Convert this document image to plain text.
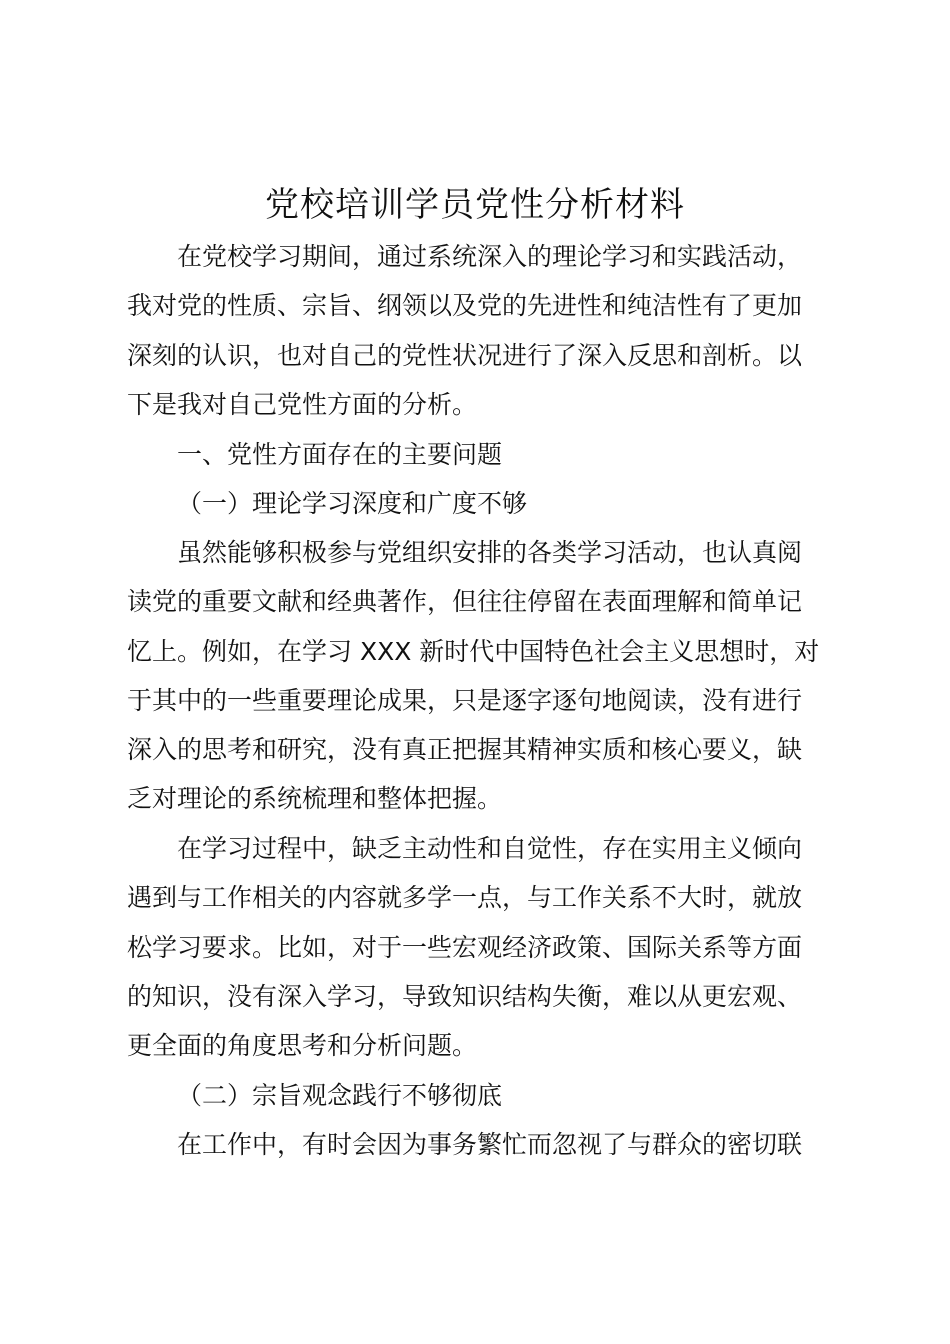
党校培训学员党性分析材料
在党校学习期间，通过系统深入的理论学习和实践活动，
我对党的性质、宗旨、纲领以及党的先进性和纯洁性有了更加
深刻的认识，也对自己的党性状况进行了深入反思和剖析。以
下是我对自己党性方面的分析。
一、党性方面存在的主要问题
（一）理论学习深度和广度不够
虽然能够积极参与党组织安排的各类学习活动，也认真阅
读党的重要文献和经典著作，但往往停留在表面理解和简单记
忆上。例如，在学习 XXX 新时代中国特色社会主义思想时，对
于其中的一些重要理论成果，只是逐字逐句地阅读，没有进行
深入的思考和研究，没有真正把握其精神实质和核心要义，缺
乏对理论的系统梳理和整体把握。
在学习过程中，缺乏主动性和自觉性，存在实用主义倾向
遇到与工作相关的内容就多学一点，与工作关系不大时，就放
松学习要求。比如，对于一些宏观经济政策、国际关系等方面
的知识，没有深入学习，导致知识结构失衡，难以从更宏观、
更全面的角度思考和分析问题。
（二）宗旨观念践行不够彻底
在工作中，有时会因为事务繁忙而忽视了与群众的密切联
